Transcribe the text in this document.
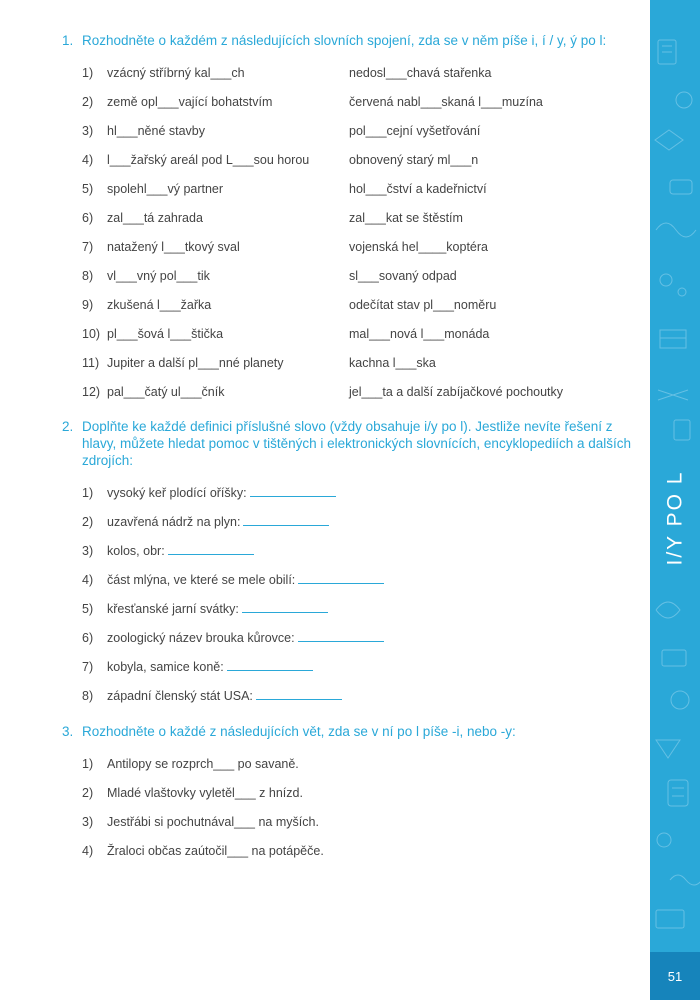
I/Y PO L
51
1. Rozhodněte o každém z následujících slovních spojení, zda se v něm píše i, í / y, ý po l:
1)	vzácný stříbrný kal___ch	nedosl___chavá stařenka
2)	země opl___vající bohatstvím	červená nabl___skaná l___muzína
3)	hl___něné stavby	pol___cejní vyšetřování
4)	l___žařský areál pod L___sou horou	obnovený starý ml___n
5)	spolehl___vý partner	hol___čství a kadeřnictví
6)	zal___tá zahrada	zal___kat se štěstím
7)	natažený l___tkový sval	vojenská hel____koptéra
8)	vl___vný pol___tik	sl___sovaný odpad
9)	zkušená l___žařka	odečítat stav pl___noměru
10) pl___šová l___štička	mal___nová l___monáda
11) Jupiter a další pl___nné planety	kachna l___ska
12) pal___čatý ul___čník	jel___ta a další zabíjačkové pochoutky
2. Doplňte ke každé definici příslušné slovo (vždy obsahuje i/y po l). Jestliže nevíte řešení z hlavy, můžete hledat pomoc v tištěných i elektronických slovnících, encyklopediích a dalších zdrojích:
1)	vysoký keř plodící oříšky:
2)	uzavřená nádrž na plyn:
3)	kolos, obr:
4)	část mlýna, ve které se mele obilí:
5)	křesťanské jarní svátky:
6)	zoologický název brouka kůrovce:
7)	kobyla, samice koně:
8)	západní členský stát USA:
3. Rozhodněte o každé z následujících vět, zda se v ní po l píše -i, nebo -y:
1)	Antilopy se rozprch___ po savaně.
2)	Mladé vlaštovky vyletěl___ z hnízd.
3)	Jestřábi si pochutnával___ na myších.
4)	Žraloci občas zaútočil___ na potápěče.
